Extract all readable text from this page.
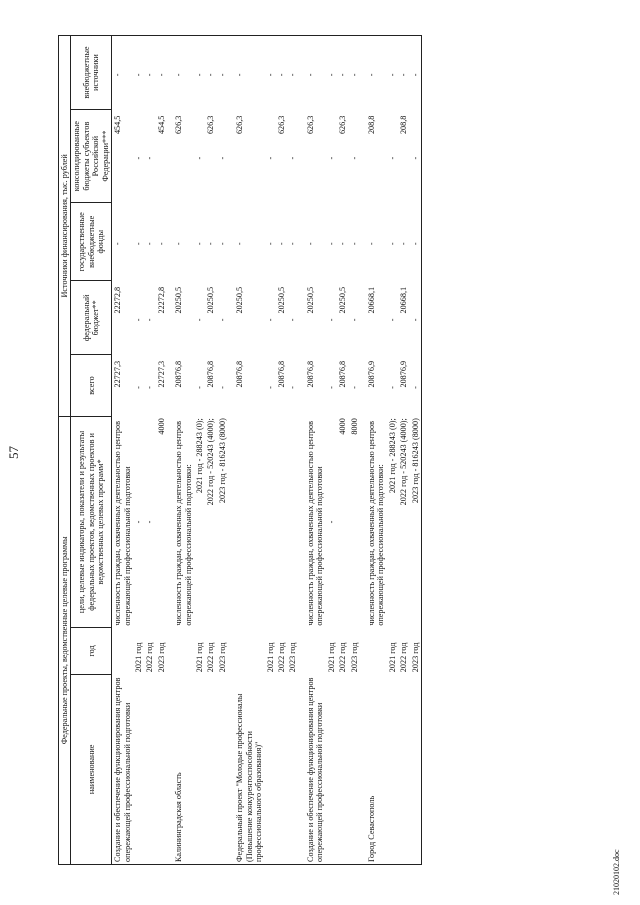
57
Федеральные проекты, ведомственные целевые программы			Источники финансирования, тыс. рублей				
наименование	год	цели, целевые индикаторы, показатели и результаты федеральных проектов, ведомственных проектов и ведомственных целевых программ*	всего	федеральный бюджет**	государственные внебюджетные фонды	консолидированные бюджеты субъектов Российской Федерации***	внебюджетные источники
Создание и обеспечение функционирования центров опережающей профессиональной подготовки		численность граждан, охваченных деятельностью центров опережающей профессиональной подготовки	22727,3	22272,8	-	454,5	-
	2021 год	-	-	-	-	-	-
	2022 год	-	-	-	-	-	-
	2023 год	4000	22727,3	22272,8	-	454,5	-
Калининградская область		численность граждан, охваченных деятельностью центров опережающей профессиональной подготовки:	20876,8	20250,5	-	626,3	-
	2021 год	2021 год - 288243 (0);	-	-	-	-	-
	2022 год	2022 год - 520243 (4000);	20876,8	20250,5	-	626,3	-
	2023 год	2023 год - 816243 (8000)	-	-	-	-	-
Федеральный проект "Молодые профессионалы (Повышение конкурентоспособности профессионального образования)"			20876,8	20250,5	-	626,3	-
	2021 год		-	-	-	-	-
	2022 год		20876,8	20250,5	-	626,3	-
	2023 год		-	-	-	-	-
Создание и обеспечение функционирования центров опережающей профессиональной подготовки		численность граждан, охваченных деятельностью центров опережающей профессиональной подготовки	20876,8	20250,5	-	626,3	-
	2021 год	-	-	-	-	-	-
	2022 год	4000	20876,8	20250,5	-	626,3	-
	2023 год	8000	-	-	-	-	-
Город Севастополь		численность граждан, охваченных деятельностью центров опережающей профессиональной подготовки:	20876,9	20668,1	-	208,8	-
	2021 год	2021 год - 288243 (0);	-	-	-	-	-
	2022 год	2022 год - 520243 (4000);	20876,9	20668,1	-	208,8	-
	2023 год	2023 год - 816243 (8000)	-	-	-	-	-
21020102.doc
